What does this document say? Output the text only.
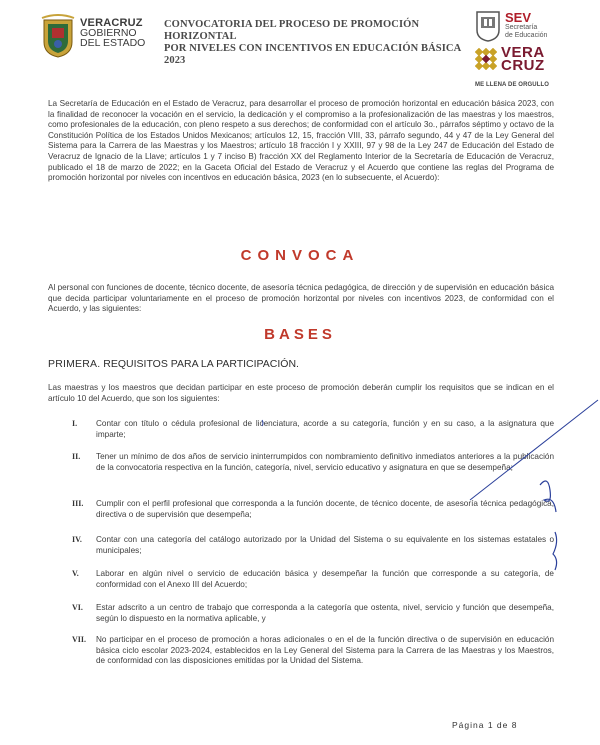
VERACRUZ
GOBIERNO
DEL ESTADO
CONVOCATORIA DEL PROCESO DE PROMOCIÓN HORIZONTAL
POR NIVELES CON INCENTIVOS EN EDUCACIÓN BÁSICA 2023
SEV
Secretaría
de Educación
VERA
CRUZ
ME LLENA DE ORGULLO
La Secretaría de Educación en el Estado de Veracruz, para desarrollar el proceso de promoción horizontal en educación básica 2023, con la finalidad de reconocer la vocación en el servicio, la dedicación y el compromiso a la profesionalización de las maestras y los maestros, como profesionales de la educación, con pleno respeto a sus derechos; de conformidad con el artículo 3o., párrafos séptimo y octavo de la Constitución Política de los Estados Unidos Mexicanos; artículos 12, 15, fracción VIII, 33, párrafo segundo, 44 y 47 de la Ley General del Sistema para la Carrera de las Maestras y los Maestros; artículo 18 fracción I y XXIII, 97 y 98 de la Ley 247 de Educación del Estado de Veracruz de Ignacio de la Llave; artículos 1 y 7 inciso B) fracción XX del Reglamento Interior de la Secretaría de Educación de Veracruz, publicado el 18 de marzo de 2022; en la Gaceta Oficial del Estado de Veracruz y el Acuerdo que contiene las reglas del Programa de promoción horizontal por niveles con incentivos en educación básica, 2023 (en lo subsecuente, el Acuerdo):
CONVOCA
Al personal con funciones de docente, técnico docente, de asesoría técnica pedagógica, de dirección y de supervisión en educación básica que decida participar voluntariamente en el proceso de promoción horizontal por niveles con incentivos 2023, de conformidad con el Acuerdo, y las siguientes:
BASES
PRIMERA. REQUISITOS PARA LA PARTICIPACIÓN.
Las maestras y los maestros que decidan participar en este proceso de promoción deberán cumplir los requisitos que se indican en el artículo 10 del Acuerdo, que son los siguientes:
I.	Contar con título o cédula profesional de licenciatura, acorde a su categoría, función y en su caso, a la asignatura que imparte;
II.	Tener un mínimo de dos años de servicio ininterrumpidos con nombramiento definitivo inmediatos anteriores a la publicación de la convocatoria respectiva en la función, categoría, nivel, servicio educativo y asignatura en que se desempeña;
III.	Cumplir con el perfil profesional que corresponda a la función docente, de técnico docente, de asesoría técnica pedagógica, directiva o de supervisión que desempeña;
IV.	Contar con una categoría del catálogo autorizado por la Unidad del Sistema o su equivalente en los sistemas estatales o municipales;
V.	Laborar en algún nivel o servicio de educación básica y desempeñar la función que corresponde a su categoría, de conformidad con el Anexo III del Acuerdo;
VI.	Estar adscrito a un centro de trabajo que corresponda a la categoría que ostenta, nivel, servicio y función que desempeña, según lo dispuesto en la normativa aplicable, y
VII.	No participar en el proceso de promoción a horas adicionales o en el de la función directiva o de supervisión en educación básica ciclo escolar 2023-2024, establecidos en la Ley General del Sistema para la Carrera de las Maestras y los Maestros, de conformidad con las disposiciones emitidas por la Unidad del Sistema.
Página 1 de 8
